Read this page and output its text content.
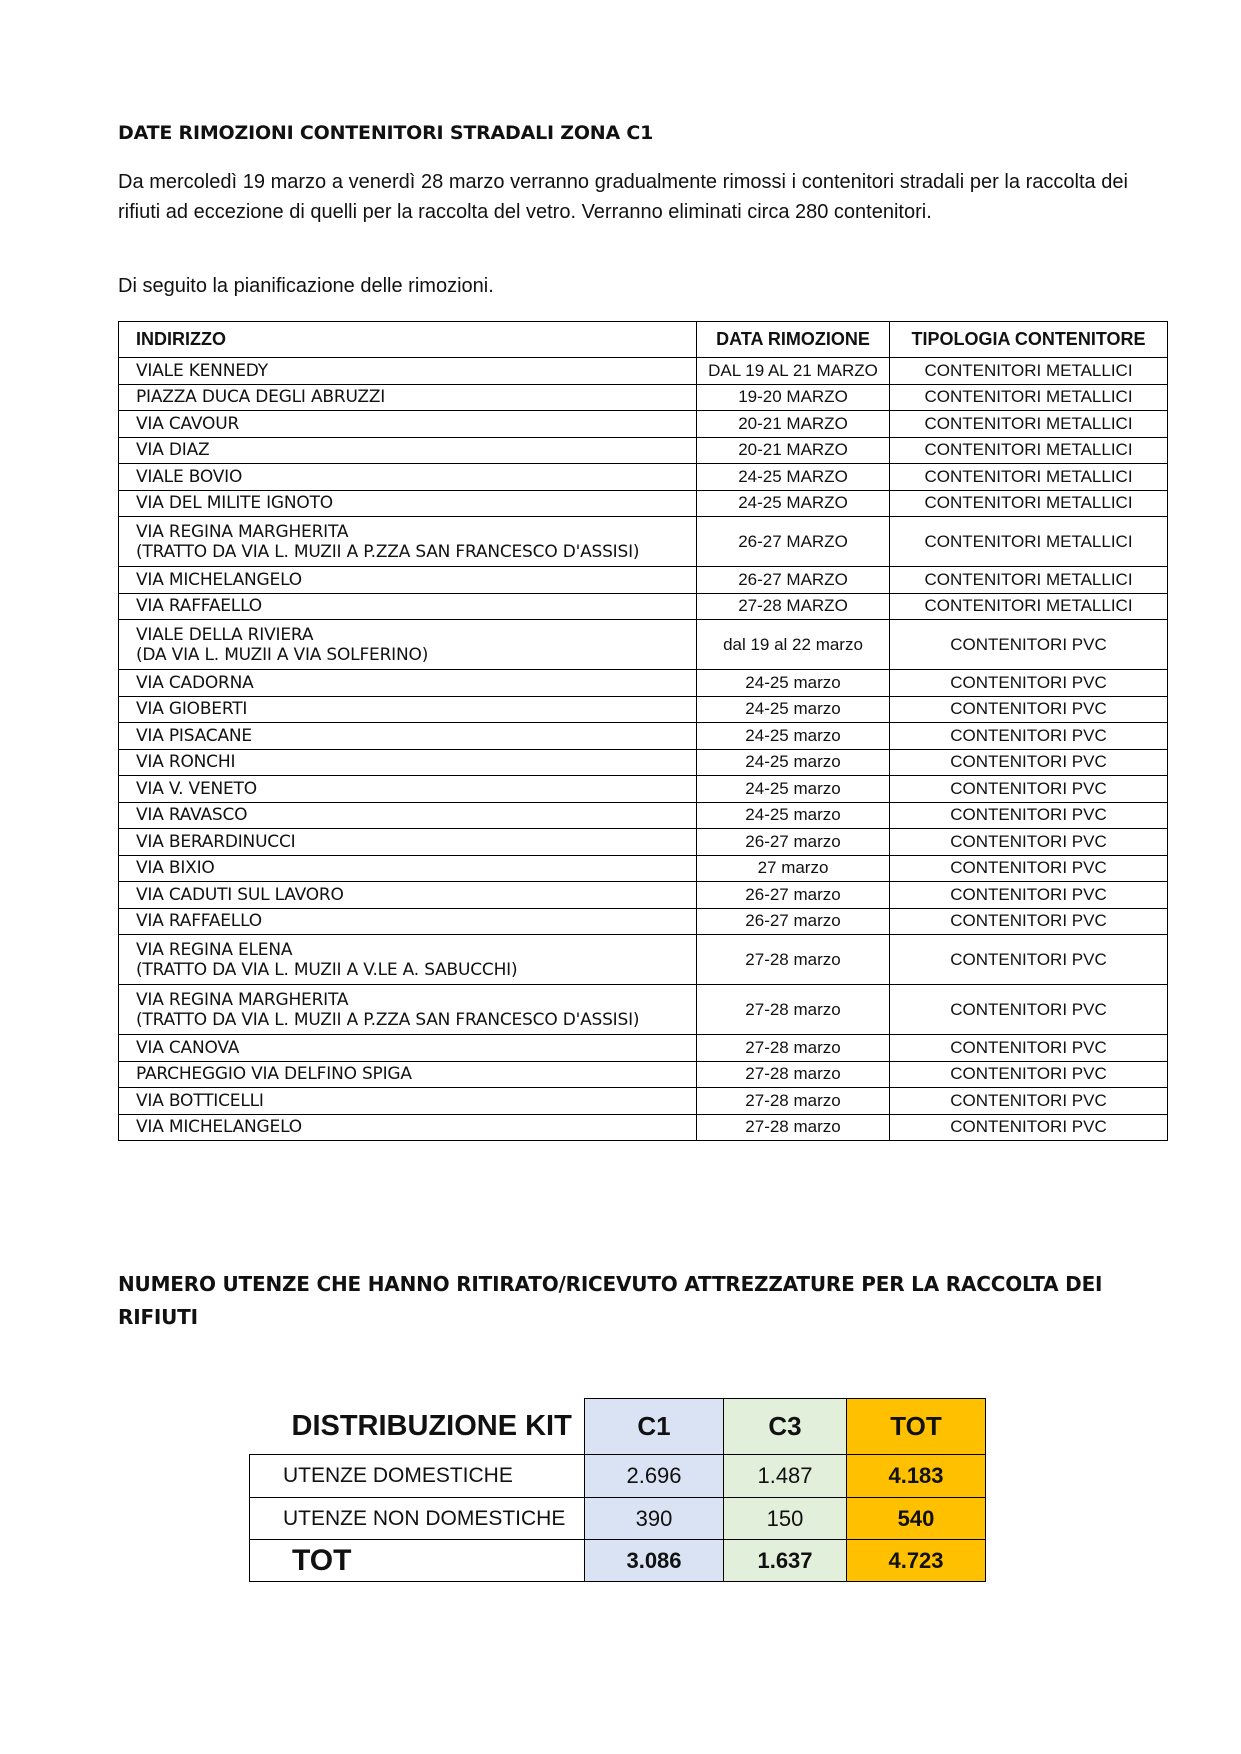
DATE RIMOZIONI CONTENITORI STRADALI ZONA C1

Da mercoledì 19 marzo a venerdì 28 marzo verranno gradualmente rimossi i contenitori stradali per la raccolta dei rifiuti ad eccezione di quelli per la raccolta del vetro. Verranno eliminati circa 280 contenitori.

Di seguito la pianificazione delle rimozioni.

INDIRIZZO	DATA RIMOZIONE	TIPOLOGIA CONTENITORE

VIALE KENNEDY	DAL 19 AL 21 MARZO	CONTENITORI METALLICI

PIAZZA DUCA DEGLI ABRUZZI	19-20 MARZO	CONTENITORI METALLICI

VIA CAVOUR	20-21 MARZO	CONTENITORI METALLICI

VIA DIAZ	20-21 MARZO	CONTENITORI METALLICI

VIALE BOVIO	24-25 MARZO	CONTENITORI METALLICI

VIA DEL MILITE IGNOTO	24-25 MARZO	CONTENITORI METALLICI

VIA REGINA MARGHERITA
(TRATTO DA VIA L. MUZII A P.ZZA SAN FRANCESCO D'ASSISI)	26-27 MARZO	CONTENITORI METALLICI

VIA MICHELANGELO	26-27 MARZO	CONTENITORI METALLICI

VIA RAFFAELLO	27-28 MARZO	CONTENITORI METALLICI

VIALE DELLA RIVIERA
(DA VIA L. MUZII A VIA SOLFERINO)	dal 19 al 22 marzo	CONTENITORI PVC

VIA CADORNA	24-25 marzo	CONTENITORI PVC

VIA GIOBERTI	24-25 marzo	CONTENITORI PVC

VIA PISACANE	24-25 marzo	CONTENITORI PVC

VIA RONCHI	24-25 marzo	CONTENITORI PVC

VIA V. VENETO	24-25 marzo	CONTENITORI PVC

VIA RAVASCO	24-25 marzo	CONTENITORI PVC

VIA BERARDINUCCI	26-27 marzo	CONTENITORI PVC

VIA BIXIO	27 marzo	CONTENITORI PVC

VIA CADUTI SUL LAVORO	26-27 marzo	CONTENITORI PVC

VIA RAFFAELLO	26-27 marzo	CONTENITORI PVC

VIA REGINA ELENA
(TRATTO DA VIA L. MUZII A V.LE A. SABUCCHI)	27-28 marzo	CONTENITORI PVC

VIA REGINA MARGHERITA
(TRATTO DA VIA L. MUZII A P.ZZA SAN FRANCESCO D'ASSISI)	27-28 marzo	CONTENITORI PVC

VIA CANOVA	27-28 marzo	CONTENITORI PVC

PARCHEGGIO VIA DELFINO SPIGA	27-28 marzo	CONTENITORI PVC

VIA BOTTICELLI	27-28 marzo	CONTENITORI PVC

VIA MICHELANGELO	27-28 marzo	CONTENITORI PVC
NUMERO UTENZE CHE HANNO RITIRATO/RICEVUTO ATTREZZATURE PER LA RACCOLTA DEI RIFIUTI
DISTRIBUZIONE KIT	C1	C3	TOT
UTENZE DOMESTICHE	2.696	1.487	4.183
UTENZE NON DOMESTICHE	390	150	540
TOT	3.086	1.637	4.723
